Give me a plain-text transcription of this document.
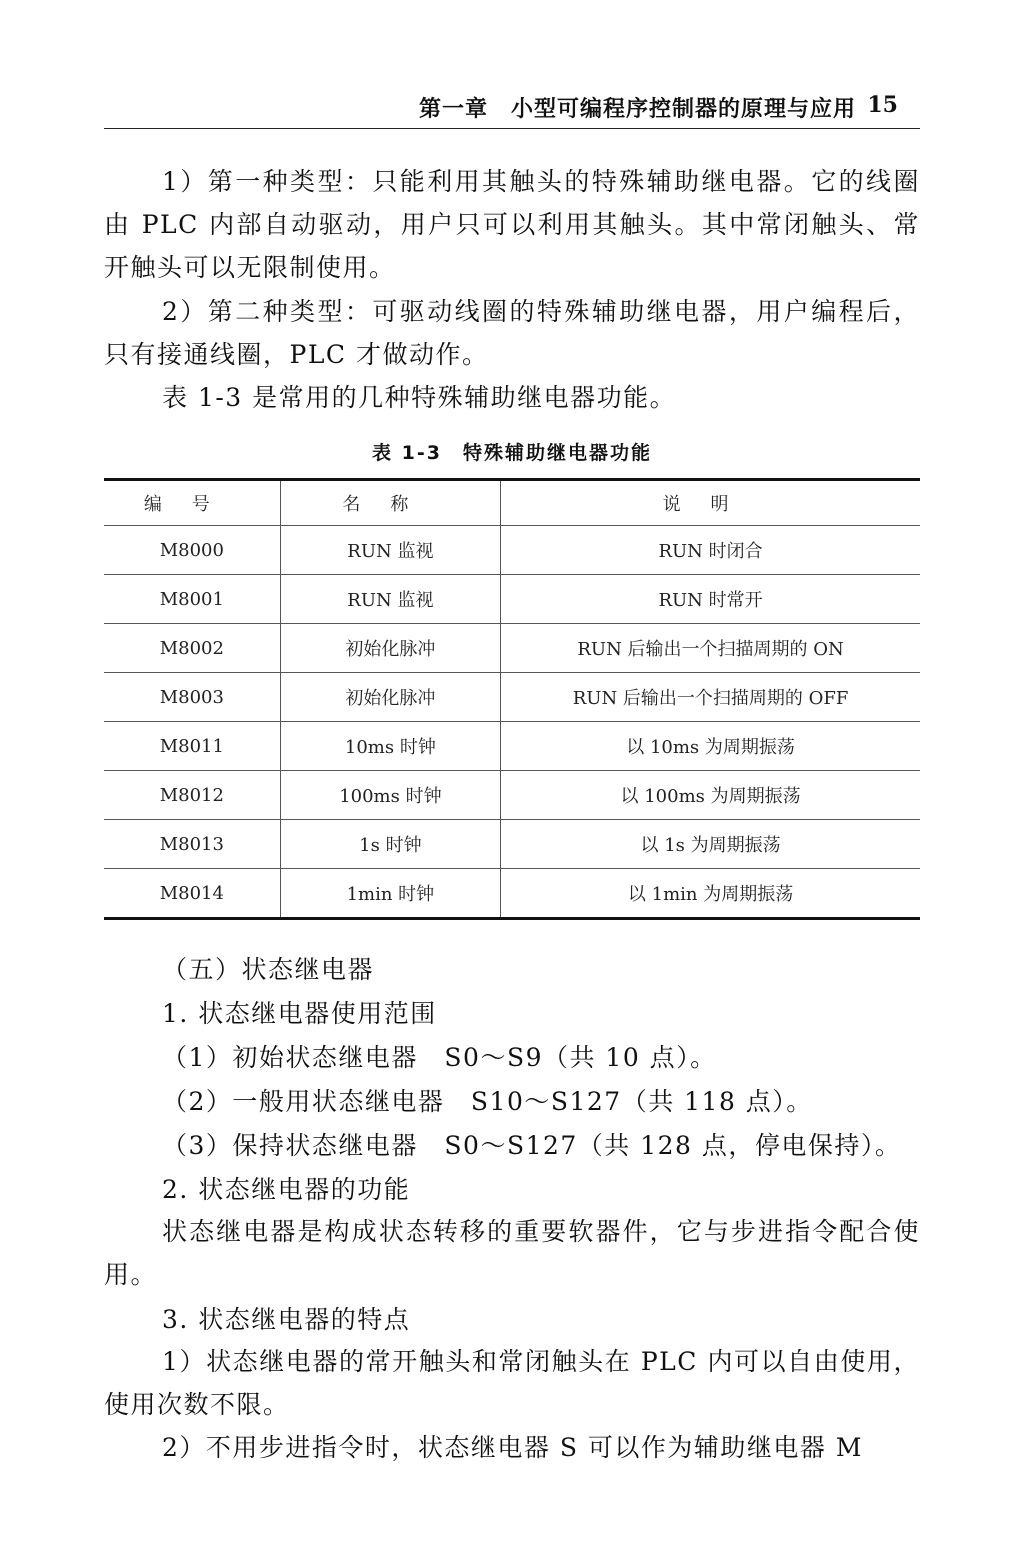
第一章　小型可编程序控制器的原理与应用 15

1）第一种类型：只能利用其触头的特殊辅助继电器。它的线圈由 PLC 内部自动驱动，用户只可以利用其触头。其中常闭触头、常开触头可以无限制使用。

2）第二种类型：可驱动线圈的特殊辅助继电器，用户编程后，只有接通线圈，PLC 才做动作。

表 1-3 是常用的几种特殊辅助继电器功能。

表 1-3　特殊辅助继电器功能
编号	名称	说明
M8000	RUN 监视	RUN 时闭合
M8001	RUN 监视	RUN 时常开
M8002	初始化脉冲	RUN 后输出一个扫描周期的 ON
M8003	初始化脉冲	RUN 后输出一个扫描周期的 OFF
M8011	10ms 时钟	以 10ms 为周期振荡
M8012	100ms 时钟	以 100ms 为周期振荡
M8013	1s 时钟	以 1s 为周期振荡
M8014	1min 时钟	以 1min 为周期振荡

（五）状态继电器

1. 状态继电器使用范围

（1）初始状态继电器　S0～S9（共 10 点）。

（2）一般用状态继电器　S10～S127（共 118 点）。

（3）保持状态继电器　S0～S127（共 128 点，停电保持）。

2. 状态继电器的功能

状态继电器是构成状态转移的重要软器件，它与步进指令配合使用。

3. 状态继电器的特点

1）状态继电器的常开触头和常闭触头在 PLC 内可以自由使用，使用次数不限。

2）不用步进指令时，状态继电器 S 可以作为辅助继电器 M
